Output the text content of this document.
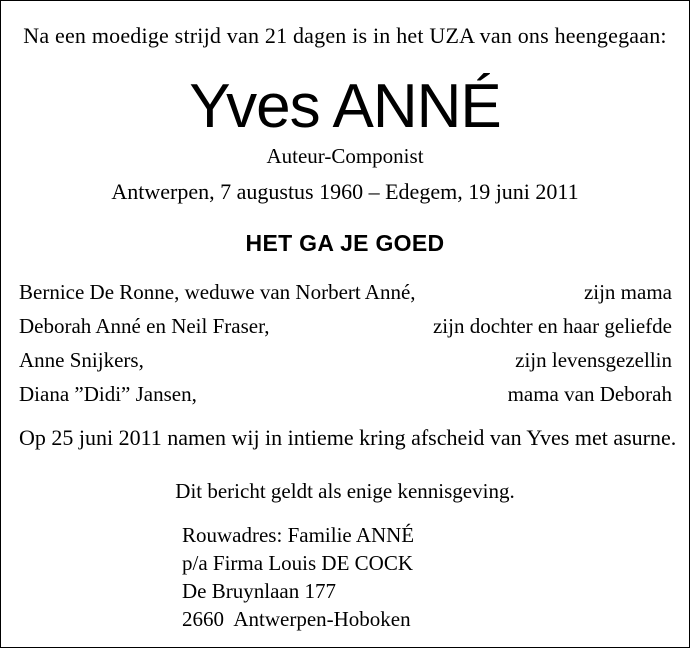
Na een moedige strijd van 21 dagen is in het UZA van ons heengegaan:
Yves ANNÉ
Auteur-Componist
Antwerpen, 7 augustus 1960 – Edegem, 19 juni 2011
HET GA JE GOED
Bernice De Ronne, weduwe van Norbert Anné,	zijn mama
Deborah Anné en Neil Fraser,	zijn dochter en haar geliefde
Anne Snijkers,	zijn levensgezellin
Diana ”Didi” Jansen,	mama van Deborah
Op 25 juni 2011 namen wij in intieme kring afscheid van Yves met asurne.
Dit bericht geldt als enige kennisgeving.
Rouwadres: Familie ANNÉ
p/a Firma Louis DE COCK
De Bruynlaan 177
2660  Antwerpen-Hoboken
